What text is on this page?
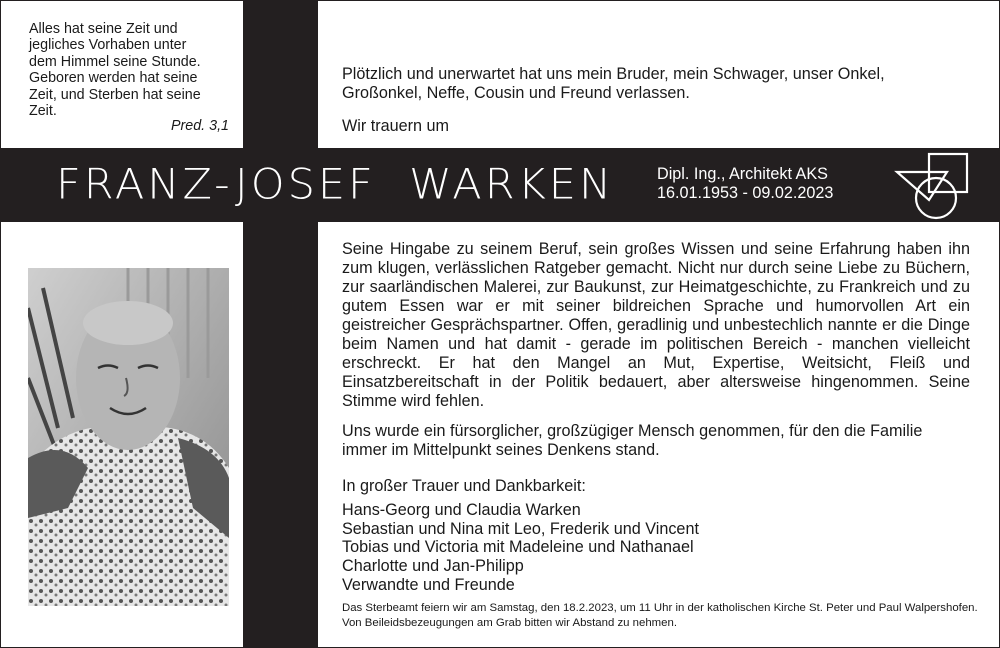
Alles hat seine Zeit und
jegliches Vorhaben unter
dem Himmel seine Stunde.
Geboren werden hat seine
Zeit, und Sterben hat seine
Zeit.
Pred. 3,1
Plötzlich und unerwartet hat uns mein Bruder, mein Schwager, unser Onkel,
Großonkel, Neffe, Cousin und Freund verlassen.
Wir trauern um
FRANZ-JOSEF  WARKEN	Dipl. Ing., Architekt AKS
16.01.1953 - 09.02.2023
Seine Hingabe zu seinem Beruf, sein großes Wissen und seine Erfahrung haben ihn zum klugen, verlässlichen Ratgeber gemacht. Nicht nur durch seine Liebe zu Büchern, zur saarländischen Malerei, zur Baukunst, zur Heimatgeschichte, zu Frankreich und zu gutem Essen war er mit seiner bildreichen Sprache und humorvollen Art ein geistreicher Gesprächspartner. Offen, geradlinig und unbestechlich nannte er die Dinge beim Namen und hat damit - gerade im politischen Bereich - manchen vielleicht erschreckt. Er hat den Mangel an Mut, Expertise, Weitsicht, Fleiß und Einsatzbereitschaft in der Politik bedauert, aber altersweise hingenommen. Seine Stimme wird fehlen.
Uns wurde ein fürsorglicher, großzügiger Mensch genommen, für den die Familie immer im Mittelpunkt seines Denkens stand.
In großer Trauer und Dankbarkeit:
Hans-Georg und Claudia Warken
Sebastian und Nina mit Leo, Frederik und Vincent
Tobias und Victoria mit Madeleine und Nathanael
Charlotte und Jan-Philipp
Verwandte und Freunde
Das Sterbeamt feiern wir am Samstag, den 18.2.2023, um 11 Uhr in der katholischen Kirche St. Peter und Paul Walpershofen. Von Beileidsbezeugungen am Grab bitten wir Abstand zu nehmen.
